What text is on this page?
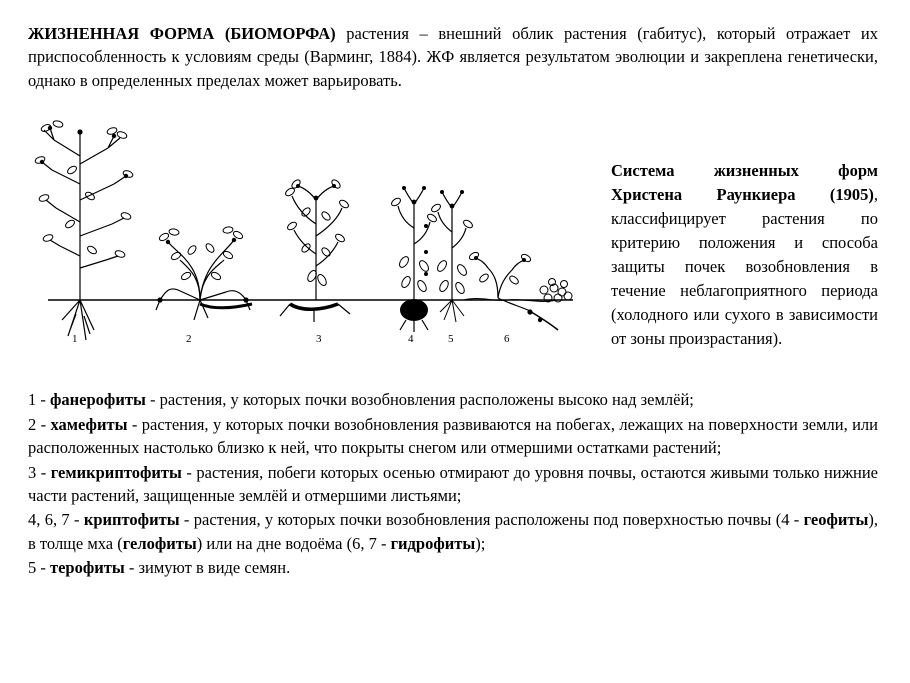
ЖИЗНЕННАЯ ФОРМА (БИОМОРФА) растения – внешний облик растения (габитус), который отражает их приспособленность к условиям среды (Варминг, 1884). ЖФ является результатом эволюции и закреплена генетически, однако в определенных пределах может варьировать.

1	2	3	4	5	6
Система жизненных форм Христена Раункиера (1905), классифицирует растения по критерию положения и способа защиты почек возобновления в течение неблагоприятного периода (холодного или сухого в зависимости от зоны произрастания).

1 - фанерофиты - растения, у которых почки возобновления расположены высоко над землёй;

2 - хамефиты - растения, у которых почки возобновления развиваются на побегах, лежащих на поверхности земли, или расположенных настолько близко к ней, что покрыты снегом или отмершими остатками растений;

3 - гемикриптофиты - растения, побеги которых осенью отмирают до уровня почвы, остаются живыми только нижние части растений, защищенные землёй и отмершими листьями;

4, 6, 7 - криптофиты - растения, у которых почки возобновления расположены под поверхностью почвы (4 - геофиты), в толще мха (гелофиты) или на дне водоёма (6, 7 - гидрофиты);

5 - терофиты - зимуют в виде семян.
